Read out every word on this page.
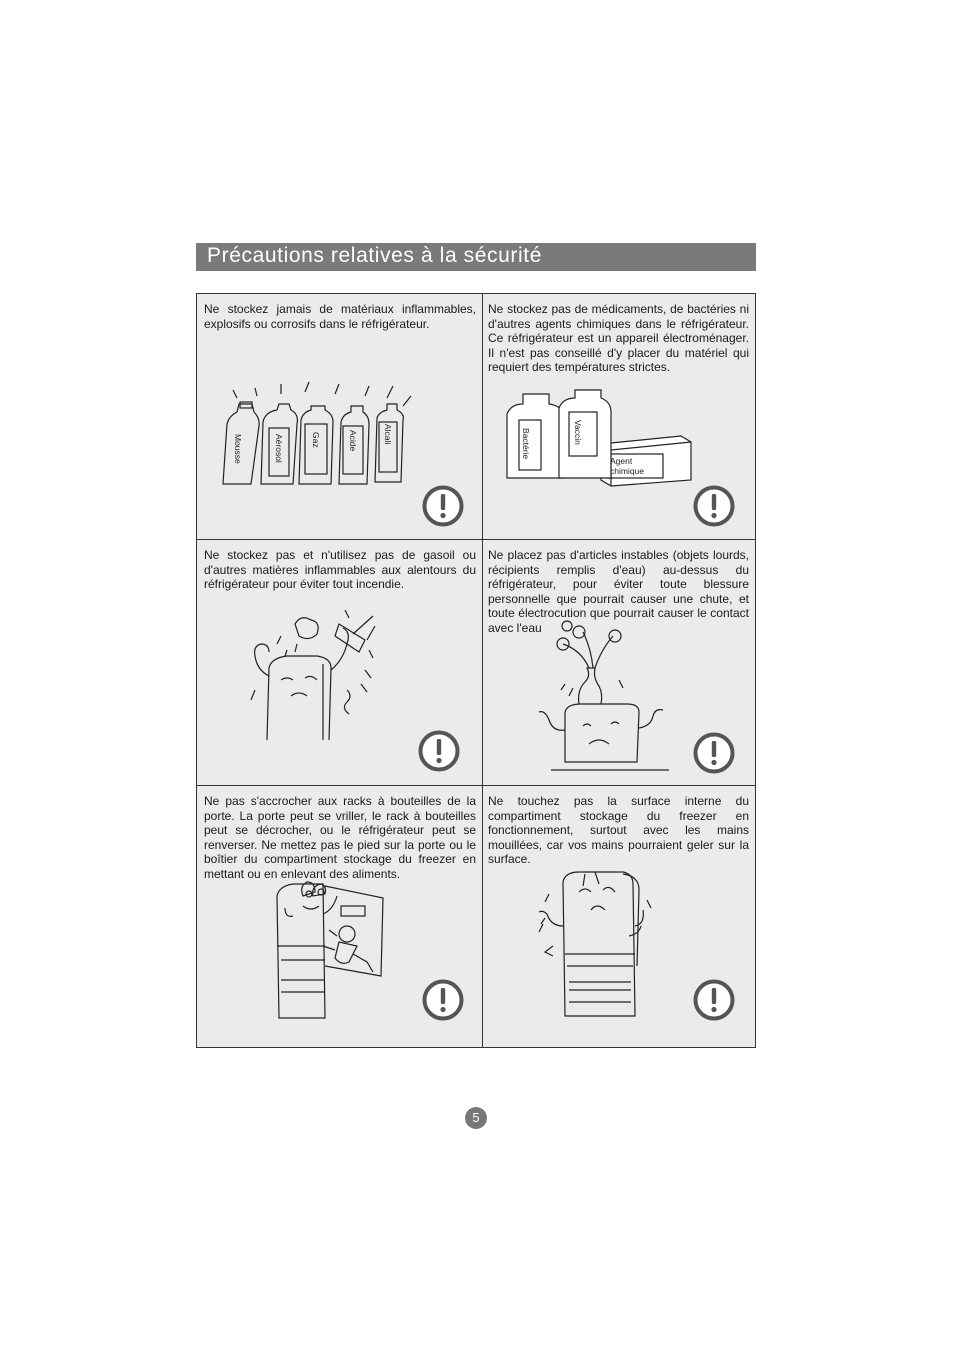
Précautions relatives à la sécurité
Ne stockez jamais de matériaux inflammables, explosifs ou corrosifs dans le réfrigérateur.
Mousse	Aérosol	Gaz	Acide	Alcali
Ne stockez pas de médicaments, de bactéries ni d'autres agents chimiques dans le réfrigérateur. Ce réfrigérateur est un appareil électroménager. Il n'est pas conseillé d'y placer du matériel qui requiert des températures strictes.
Bactérie	Vaccin
Agent
chimique
Ne stockez pas et n'utilisez pas de gasoil ou d'autres matières inflammables aux alentours du réfrigérateur pour éviter tout incendie.
Ne placez pas d'articles instables (objets lourds, récipients remplis d'eau) au-dessus du réfrigérateur, pour éviter toute blessure personnelle que pourrait causer une chute, et toute électrocution que pourrait causer le contact avec l'eau
Ne pas s'accrocher aux racks à bouteilles de la porte. La porte peut se vriller, le rack à bouteilles peut se décrocher, ou le réfrigérateur peut se renverser. Ne mettez pas le pied sur la porte ou le boîtier du compartiment stockage du freezer en mettant ou en enlevant des aliments.
Ne touchez pas la surface interne du compartiment stockage du freezer en fonctionnement, surtout avec les mains mouillées, car vos mains pourraient geler sur la surface.
5
